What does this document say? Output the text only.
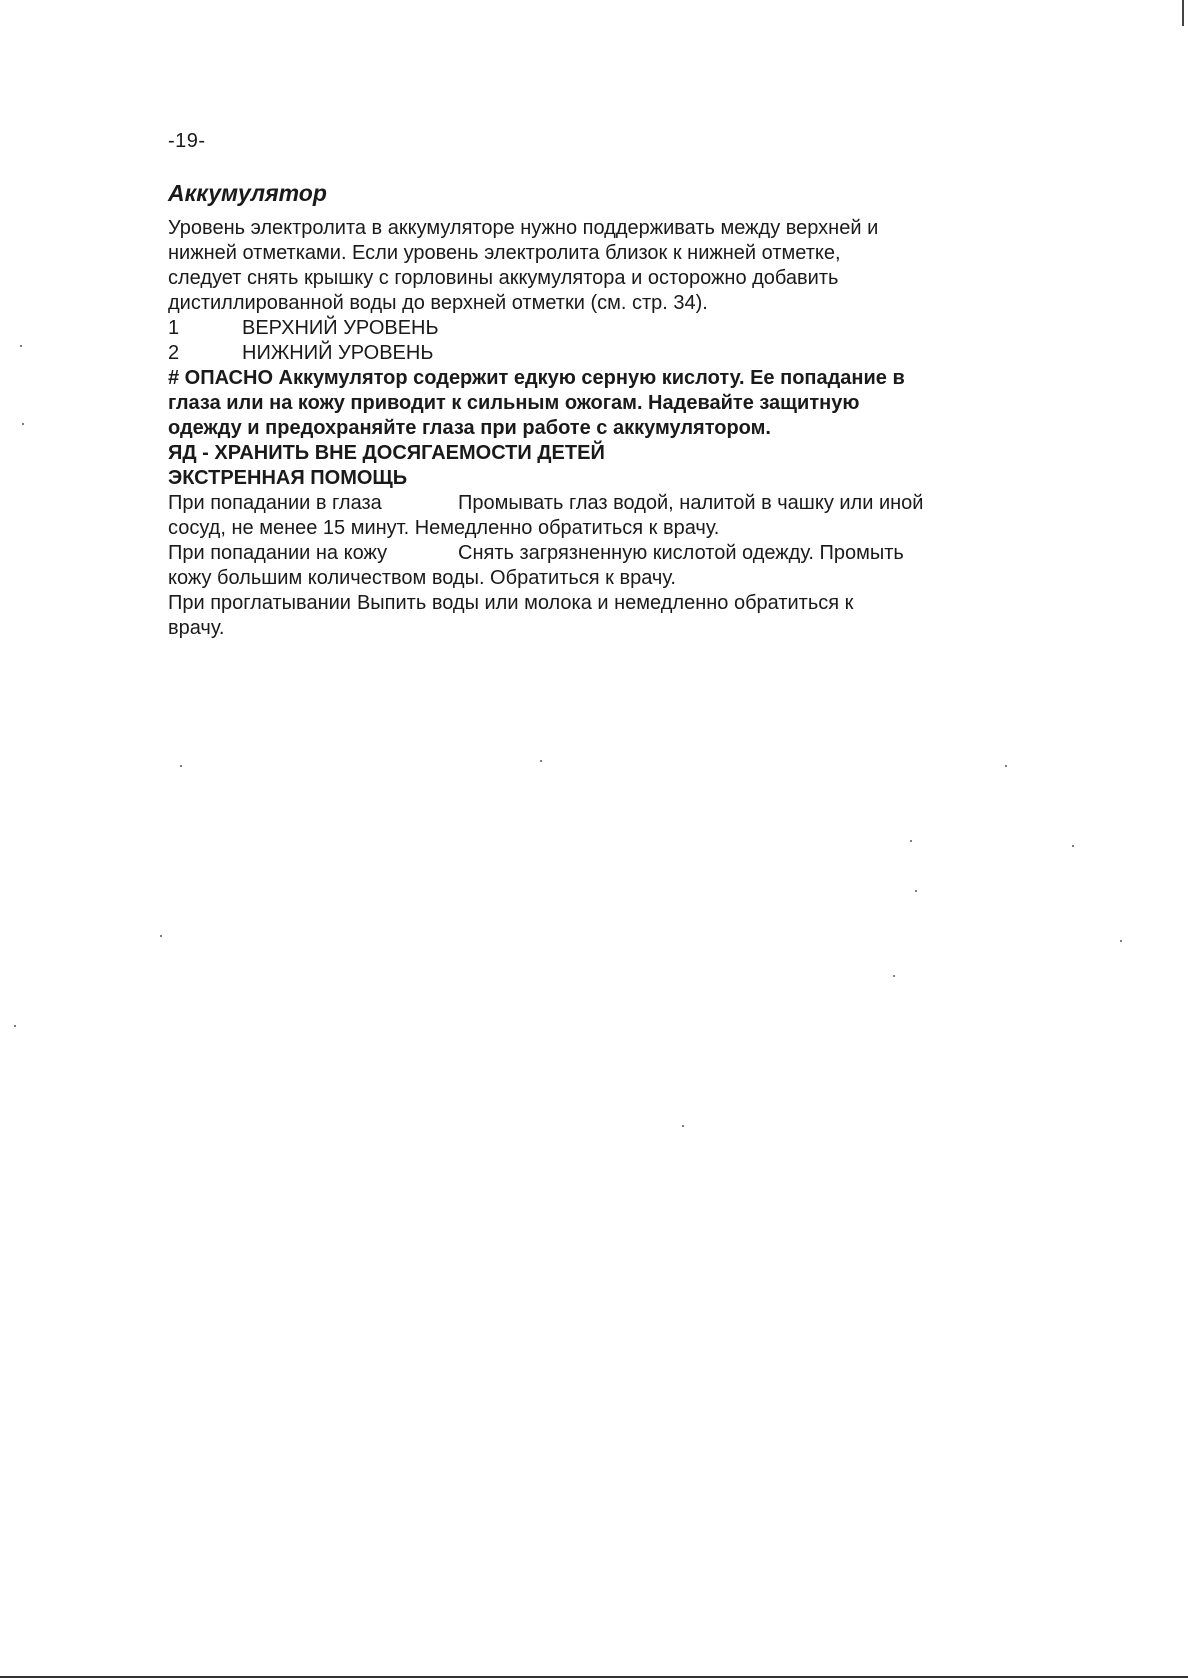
-19-
Аккумулятор

Уровень электролита в аккумуляторе нужно поддерживать между верхней и

нижней отметками. Если уровень электролита близок к нижней отметке,

следует снять крышку с горловины аккумулятора и осторожно добавить

дистиллированной воды до верхней отметки (см. стр. 34).

1	ВЕРХНИЙ УРОВЕНЬ
2	НИЖНИЙ УРОВЕНЬ

# ОПАСНО Аккумулятор содержит едкую серную кислоту. Ее попадание в

глаза или на кожу приводит к сильным ожогам. Надевайте защитную

одежду и предохраняйте глаза при работе с аккумулятором.

ЯД - ХРАНИТЬ ВНЕ ДОСЯГАЕМОСТИ ДЕТЕЙ

ЭКСТРЕННАЯ ПОМОЩЬ

При попадании в глаза	Промывать глаз водой, налитой в чашку или иной

сосуд, не менее 15 минут. Немедленно обратиться к врачу.

При попадании на кожу	Снять загрязненную кислотой одежду. Промыть

кожу большим количеством воды. Обратиться к врачу.

При проглатывании Выпить воды или молока и немедленно обратиться к

врачу.
